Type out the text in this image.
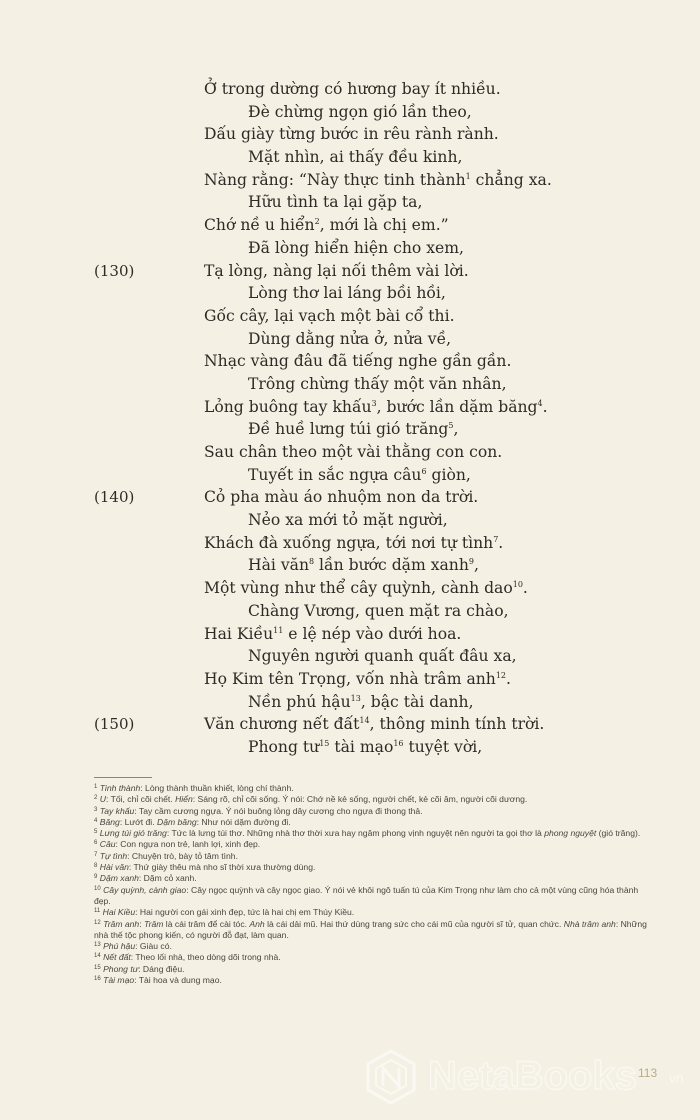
Ở trong dường có hương bay ít nhiều.
Đè chừng ngọn gió lần theo,
Dấu giày từng bước in rêu rành rành.
Mặt nhìn, ai thấy đều kinh,
Nàng rằng: “Này thực tinh thành$^1$ chẳng xa.
Hữu tình ta lại gặp ta,
Chớ nề u hiển$^2$, mới là chị em.”
Đã lòng hiển hiện cho xem,
(130)	Tạ lòng, nàng lại nối thêm vài lời.
Lòng thơ lai láng bồi hồi,
Gốc cây, lại vạch một bài cổ thi.
Dùng dằng nửa ở, nửa về,
Nhạc vàng đâu đã tiếng nghe gần gần.
Trông chừng thấy một văn nhân,
Lỏng buông tay khấu$^3$, bước lần dặm băng$^4$.
Đề huề lưng túi gió trăng$^5$,
Sau chân theo một vài thằng con con.
Tuyết in sắc ngựa câu$^6$ giòn,
(140)	Cỏ pha màu áo nhuộm non da trời.
Nẻo xa mới tỏ mặt người,
Khách đà xuống ngựa, tới nơi tự tình$^7$.
Hài văn$^8$ lần bước dặm xanh$^9$,
Một vùng như thể cây quỳnh, cành dao$^{10}$.
Chàng Vương, quen mặt ra chào,
Hai Kiều$^{11}$ e lệ nép vào dưới hoa.
Nguyên người quanh quất đâu xa,
Họ Kim tên Trọng, vốn nhà trâm anh$^{12}$.
Nền phú hậu$^{13}$, bậc tài danh,
(150)	Văn chương nết đất$^{14}$, thông minh tính trời.
Phong $tư^{15}$ tài mạo$^{16}$ tuyệt vời,
$^1$ Tinh thành: Lòng thành thuần khiết, lòng chí thành.
$^2$ U: Tối, chỉ cõi chết. Hiển: Sáng rõ, chỉ cõi sống. Ý nói: Chớ nề kẻ sống, người chết, kẻ cõi âm, người cõi dương.
$^3$ Tay khấu: Tay cầm cương ngựa. Ý nói buông lỏng dây cương cho ngựa đi thong thả.
$^4$ Băng: Lướt đi. Dặm băng: Như nói dặm đường đi.
$^5$ Lưng túi gió trăng: Tức là lưng túi thơ. Những nhà thơ thời xưa hay ngâm phong vịnh nguyệt nên người ta gọi thơ là phong nguyệt (gió trăng).
$^6$ Câu: Con ngựa non trẻ, lanh lợi, xinh đẹp.
$^7$ Tự tình: Chuyện trò, bày tỏ tâm tình.
$^8$ Hài văn: Thứ giày thêu mà nho sĩ thời xưa thường dùng.
$^9$ Dặm xanh: Dặm cỏ xanh.
$^{10}$ Cây quỳnh, cành giao: Cây ngọc quỳnh và cây ngọc giao. Ý nói vẻ khôi ngô tuấn tú của Kim Trọng như làm cho cả một vùng cũng hóa thành đẹp.
$^{11}$ Hai Kiều: Hai người con gái xinh đẹp, tức là hai chị em Thúy Kiều.
$^{12}$ Trâm anh: Trâm là cái trâm để cài tóc. Anh là cái dải mũ. Hai thứ dùng trang sức cho cái mũ của người sĩ tử, quan chức. Nhà trâm anh: Những nhà thế tộc phong kiến, có người đỗ đạt, làm quan.
$^{13}$ Phú hậu: Giàu có.
$^{14}$ Nết đất: Theo lối nhà, theo dòng dõi trong nhà.
$^{15}$ Phong tư: Dáng điệu.
$^{16}$ Tài mạo: Tài hoa và dung mạo.
113
NetaBooks .vn
